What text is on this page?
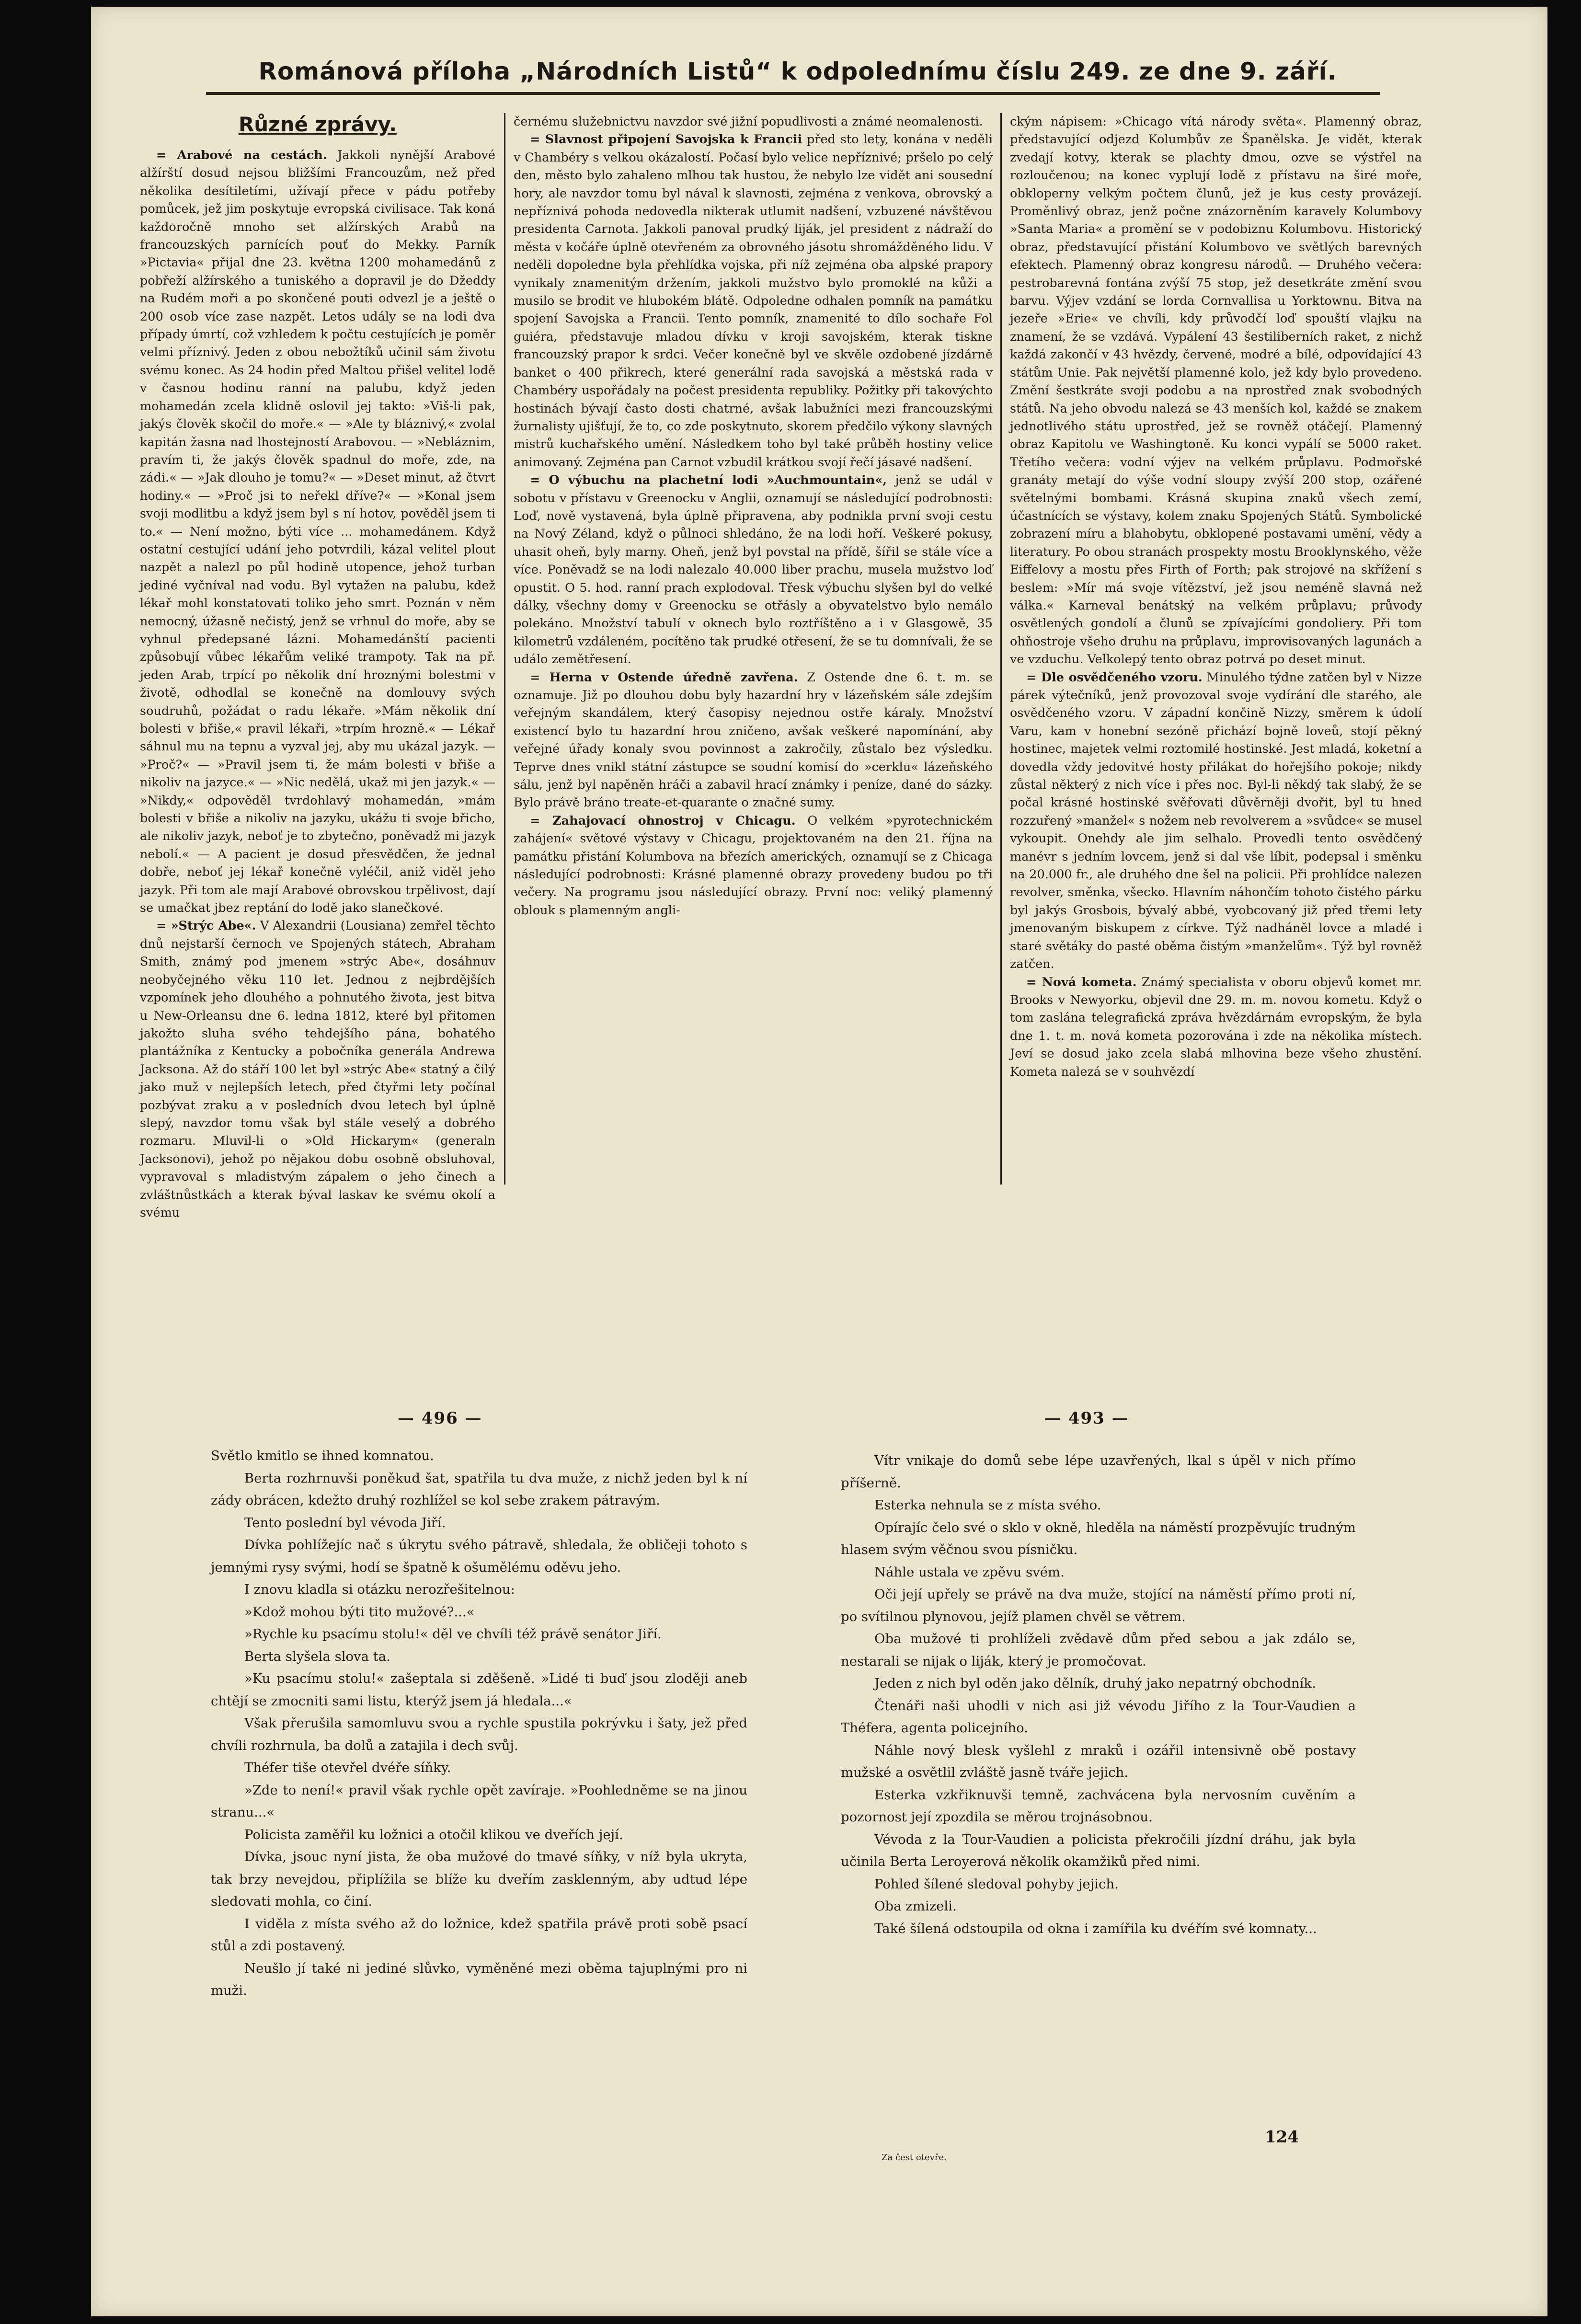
Románová příloha „Národních Listů“ k odpolednímu číslu 249. ze dne 9. září.
Různé zprávy.

= Arabové na cestách. Jakkoli nynější Arabové alžírští dosud nejsou bližšími Francouzům, než před několika desítiletími, užívají přece v pádu potřeby pomůcek, jež jim poskytuje evropská civilisace. Tak koná každoročně mnoho set alžírských Arabů na francouzských parnících pouť do Mekky. Parník »Pictavia« přijal dne 23. května 1200 mohamedánů z pobřeží alžírského a tuniského a dopravil je do Džeddy na Rudém moři a po skončené pouti odvezl je a ještě o 200 osob více zase nazpět. Letos udály se na lodi dva případy úmrtí, což vzhledem k počtu cestujících je poměr velmi příznivý. Jeden z obou nebožtíků učinil sám životu svému konec. As 24 hodin před Maltou přišel velitel lodě v časnou hodinu ranní na palubu, když jeden mohamedán zcela klidně oslovil jej takto: »Viš-li pak, jakýs člověk skočil do moře.« — »Ale ty bláznivý,« zvolal kapitán žasna nad lhostejností Arabovou. — »Nebláznim, pravím ti, že jakýs člověk spadnul do moře, zde, na zádi.« — »Jak dlouho je tomu?« — »Deset minut, až čtvrt hodiny.« — »Proč jsi to neřekl dříve?« — »Konal jsem svoji modlitbu a když jsem byl s ní hotov, pověděl jsem ti to.« — Není možno, býti více ... mohamedánem. Když ostatní cestující udání jeho potvrdili, kázal velitel plout nazpět a nalezl po půl hodině utopence, jehož turban jediné vyčníval nad vodu. Byl vytažen na palubu, kdež lékař mohl konstatovati toliko jeho smrt. Poznán v něm nemocný, úžasně nečistý, jenž se vrhnul do moře, aby se vyhnul předepsané lázni. Mohamedánští pacienti způsobují vůbec lékařům veliké trampoty. Tak na př. jeden Arab, trpící po několik dní hroznými bolestmi v životě, odhodlal se konečně na domlouvy svých soudruhů, požádat o radu lékaře. »Mám několik dní bolesti v břiše,« pravil lékaři, »trpím hrozně.« — Lékař sáhnul mu na tepnu a vyzval jej, aby mu ukázal jazyk. — »Proč?« — »Pravil jsem ti, že mám bolesti v břiše a nikoliv na jazyce.« — »Nic nedělá, ukaž mi jen jazyk.« — »Nikdy,« odpověděl tvrdohlavý mohamedán, »mám bolesti v břiše a nikoliv na jazyku, ukážu ti svoje břicho, ale nikoliv jazyk, neboť je to zbytečno, poněvadž mi jazyk nebolí.« — A pacient je dosud přesvědčen, že jednal dobře, neboť jej lékař konečně vyléčil, aniž viděl jeho jazyk. Při tom ale mají Arabové obrovskou trpělivost, dají se umačkat jbez reptání do lodě jako slanečkové.

= »Strýc Abe«. V Alexandrii (Lousiana) zemřel těchto dnů nejstarší černoch ve Spojených státech, Abraham Smith, známý pod jmenem »strýc Abe«, dosáhnuv neobyčejného věku 110 let. Jednou z nejbrdějších vzpomínek jeho dlouhého a pohnutého života, jest bitva u New-Orleansu dne 6. ledna 1812, které byl přitomen jakožto sluha svého tehdejšího pána, bohatého plantážníka z Kentucky a pobočníka generála Andrewa Jacksona. Až do stáří 100 let byl »strýc Abe« statný a čilý jako muž v nejlepších letech, před čtyřmi lety počínal pozbývat zraku a v posledních dvou letech byl úplně slepý, navzdor tomu však byl stále veselý a dobrého rozmaru. Mluvil-li o »Old Hickarym« (generaln Jacksonovi), jehož po nějakou dobu osobně obsluhoval, vypravoval s mladistvým zápalem o jeho činech a zvláštnůstkách a kterak býval laskav ke svému okolí a svému

černému služebnictvu navzdor své jižní popudlivosti a známé neomalenosti.

= Slavnost připojení Savojska k Francii před sto lety, konána v neděli v Chambéry s velkou okázalostí. Počasí bylo velice nepříznivé; pršelo po celý den, město bylo zahaleno mlhou tak hustou, že nebylo lze vidět ani sousední hory, ale navzdor tomu byl nával k slavnosti, zejména z venkova, obrovský a nepříznivá pohoda nedovedla nikterak utlumit nadšení, vzbuzené návštěvou presidenta Carnota. Jakkoli panoval prudký liják, jel president z nádraží do města v kočáře úplně otevřeném za obrovného jásotu shromážděného lidu. V neděli dopoledne byla přehlídka vojska, při níž zejména oba alpské prapory vynikaly znamenitým držením, jakkoli mužstvo bylo promoklé na kůži a musilo se brodit ve hlubokém blátě. Odpoledne odhalen pomník na památku spojení Savojska a Francii. Tento pomník, znamenité to dílo sochaře Fol guiéra, představuje mladou dívku v kroji savojském, kterak tiskne francouzský prapor k srdci. Večer konečně byl ve skvěle ozdobené jízdárně banket o 400 přikrech, které generální rada savojská a městská rada v Chambéry uspořádaly na počest presidenta republiky. Požitky při takovýchto hostinách bývají často dosti chatrné, avšak labužníci mezi francouzskými žurnalisty ujišťují, že to, co zde poskytnuto, skorem předčilo výkony slavných mistrů kuchařského umění. Následkem toho byl také průběh hostiny velice animovaný. Zejména pan Carnot vzbudil krátkou svojí řečí jásavé nadšení.

= O výbuchu na plachetní lodi »Auchmountain«, jenž se udál v sobotu v přístavu v Greenocku v Anglii, oznamují se následující podrobnosti: Loď, nově vystavená, byla úplně připravena, aby podnikla první svoji cestu na Nový Zéland, když o půlnoci shledáno, že na lodi hoří. Veškeré pokusy, uhasit oheň, byly marny. Oheň, jenž byl povstal na přídě, šířil se stále více a více. Poněvadž se na lodi nalezalo 40.000 liber prachu, musela mužstvo loď opustit. O 5. hod. ranní prach explodoval. Třesk výbuchu slyšen byl do velké dálky, všechny domy v Greenocku se otřásly a obyvatelstvo bylo nemálo polekáno. Množství tabulí v oknech bylo roztříštěno a i v Glasgowě, 35 kilometrů vzdáleném, pocítěno tak prudké otřesení, že se tu domnívali, že se událo zemětřesení.

= Herna v Ostende úředně zavřena. Z Ostende dne 6. t. m. se oznamuje. Již po dlouhou dobu byly hazardní hry v lázeňském sále zdejším veřejným skandálem, který časopisy nejednou ostře káraly. Množství existencí bylo tu hazardní hrou zničeno, avšak veškeré napomínání, aby veřejné úřady konaly svou povinnost a zakročily, zůstalo bez výsledku. Teprve dnes vnikl státní zástupce se soudní komisí do »cerklu« lázeňského sálu, jenž byl napěněn hráči a zabavil hrací známky i peníze, dané do sázky. Bylo právě bráno treate-et-quarante o značné sumy.

= Zahajovací ohnostroj v Chicagu. O velkém »pyrotechnickém zahájení« světové výstavy v Chicagu, projektovaném na den 21. října na památku přistání Kolumbova na březích amerických, oznamují se z Chicaga následující podrobnosti: Krásné plamenné obrazy provedeny budou po tři večery. Na programu jsou následující obrazy. První noc: veliký plamenný oblouk s plamenným angli-

ckým nápisem: »Chicago vítá národy světa«. Plamenný obraz, představující odjezd Kolumbův ze Španělska. Je vidět, kterak zvedají kotvy, kterak se plachty dmou, ozve se výstřel na rozloučenou; na konec vyplují lodě z přístavu na širé moře, obkloperny velkým počtem člunů, jež je kus cesty provázejí. Proměnlivý obraz, jenž počne znázorněním karavely Kolumbovy »Santa Maria« a promění se v podobiznu Kolumbovu. Historický obraz, představující přistání Kolumbovo ve světlých barevných efektech. Plamenný obraz kongresu národů. — Druhého večera: pestrobarevná fontána zvýší 75 stop, jež desetkráte změní svou barvu. Výjev vzdání se lorda Cornvallisa u Yorktownu. Bitva na jezeře »Erie« ve chvíli, kdy průvodčí loď spouští vlajku na znamení, že se vzdává. Vypálení 43 šestiliberních raket, z nichž každá zakončí v 43 hvězdy, červené, modré a bílé, odpovídající 43 státům Unie. Pak největší plamenné kolo, jež kdy bylo provedeno. Změní šestkráte svoji podobu a na nprostřed znak svobodných států. Na jeho obvodu nalezá se 43 menších kol, každé se znakem jednotlivého státu uprostřed, jež se rovněž otáčejí. Plamenný obraz Kapitolu ve Washingtoně. Ku konci vypálí se 5000 raket. Třetího večera: vodní výjev na velkém průplavu. Podmořské granáty metají do výše vodní sloupy zvýší 200 stop, ozářené světelnými bombami. Krásná skupina znaků všech zemí, účastnících se výstavy, kolem znaku Spojených Států. Symbolické zobrazení míru a blahobytu, obklopené postavami umění, vědy a literatury. Po obou stranách prospekty mostu Brooklynského, věže Eiffelovy a mostu přes Firth of Forth; pak strojové na skřížení s beslem: »Mír má svoje vítězství, jež jsou neméně slavná než válka.« Karneval benátský na velkém průplavu; průvody osvětlených gondolí a člunů se zpívajícími gondoliery. Při tom ohňostroje všeho druhu na průplavu, improvisovaných lagunách a ve vzduchu. Velkolepý tento obraz potrvá po deset minut.

= Dle osvědčeného vzoru. Minulého týdne zatčen byl v Nizze párek výtečníků, jenž provozoval svoje vydírání dle starého, ale osvědčeného vzoru. V západní končině Nizzy, směrem k údolí Varu, kam v honební sezóně přichází bojně loveů, stojí pěkný hostinec, majetek velmi roztomilé hostinské. Jest mladá, koketní a dovedla vždy jedovitvé hosty přilákat do hořejšího pokoje; nikdy zůstal některý z nich více i přes noc. Byl-li někdý tak slabý, že se počal krásné hostinské svěřovati důvěrněji dvořit, byl tu hned rozzuřený »manžel« s nožem neb revolverem a »svůdce« se musel vykoupit. Onehdy ale jim selhalo. Provedli tento osvědčený manévr s jedním lovcem, jenž si dal vše líbit, podepsal i směnku na 20.000 fr., ale druhého dne šel na policii. Při prohlídce nalezen revolver, směnka, všecko. Hlavním náhončím tohoto čistého párku byl jakýs Grosbois, bývalý abbé, vyobcovaný již před třemi lety jmenovaným biskupem z církve. Týž nadháněl lovce a mladé i staré světáky do pasté oběma čistým »manželům«. Týž byl rovněž zatčen.

= Nová kometa. Známý specialista v oboru objevů komet mr. Brooks v Newyorku, objevil dne 29. m. m. novou kometu. Když o tom zaslána telegrafická zpráva hvězdárnám evropským, že byla dne 1. t. m. nová kometa pozorována i zde na několika místech. Jeví se dosud jako zcela slabá mlhovina beze všeho zhustění. Kometa nalezá se v souhvězdí

— 496 —	— 493 —

Světlo kmitlo se ihned komnatou.

Berta rozhrnuvši poněkud šat, spatřila tu dva muže, z nichž jeden byl k ní zády obrácen, kdežto druhý rozhlížel se kol sebe zrakem pátravým.

Tento poslední byl vévoda Jiří.

Dívka pohlížejíc nač s úkrytu svého pátravě, shledala, že obličeji tohoto s jemnými rysy svými, hodí se špatně k ošumělému oděvu jeho.

I znovu kladla si otázku nerozřešitelnou:

»Kdož mohou býti tito mužové?...«

»Rychle ku psacímu stolu!« děl ve chvíli též právě senátor Jiří.

Berta slyšela slova ta.

»Ku psacímu stolu!« zašeptala si zděšeně. »Lidé ti buď jsou zloději aneb chtějí se zmocniti sami listu, kterýž jsem já hledala...«

Však přerušila samomluvu svou a rychle spustila pokrývku i šaty, jež před chvíli rozhrnula, ba dolů a zatajila i dech svůj.

Théfer tiše otevřel dvéře síňky.

»Zde to není!« pravil však rychle opět zavíraje. »Poohledněme se na jinou stranu...«

Policista zaměřil ku ložnici a otočil klikou ve dveřích její.

Dívka, jsouc nyní jista, že oba mužové do tmavé síňky, v níž byla ukryta, tak brzy nevejdou, připlížila se blíže ku dveřím zasklenným, aby udtud lépe sledovati mohla, co činí.

I viděla z místa svého až do ložnice, kdež spatřila právě proti sobě psací stůl a zdi postavený.

Neušlo jí také ni jediné slůvko, vyměněné mezi oběma tajuplnými pro ni muži.

Vítr vnikaje do domů sebe lépe uzavřených, lkal s úpěl v nich přímo příšerně.

Esterka nehnula se z místa svého.

Opírajíc čelo své o sklo v okně, hleděla na náměstí prozpěvujíc trudným hlasem svým věčnou svou písničku.

Náhle ustala ve zpěvu svém.

Oči její upřely se právě na dva muže, stojící na náměstí přímo proti ní, po svítilnou plynovou, jejíž plamen chvěl se větrem.

Oba mužové ti prohlíželi zvědavě dům před sebou a jak zdálo se, nestarali se nijak o liják, který je promočovat.

Jeden z nich byl oděn jako dělník, druhý jako nepatrný obchodník.

Čtenáři naši uhodli v nich asi již vévodu Jiřího z la Tour-Vaudien a Théfera, agenta policejního.

Náhle nový blesk vyšlehl z mraků i ozářil intensivně obě postavy mužské a osvětlil zvláště jasně tváře jejich.

Esterka vzkřiknuvši temně, zachvácena byla nervosním cuvěním a pozornost její zpozdila se měrou trojnásobnou.

Vévoda z la Tour-Vaudien a policista překročili jízdní dráhu, jak byla učinila Berta Leroyerová několik okamžiků před nimi.

Pohled šílené sledoval pohyby jejich.

Oba zmizeli.

Také šílená odstoupila od okna i zamířila ku dvéřím své komnaty...

Za čest otevře.
124
